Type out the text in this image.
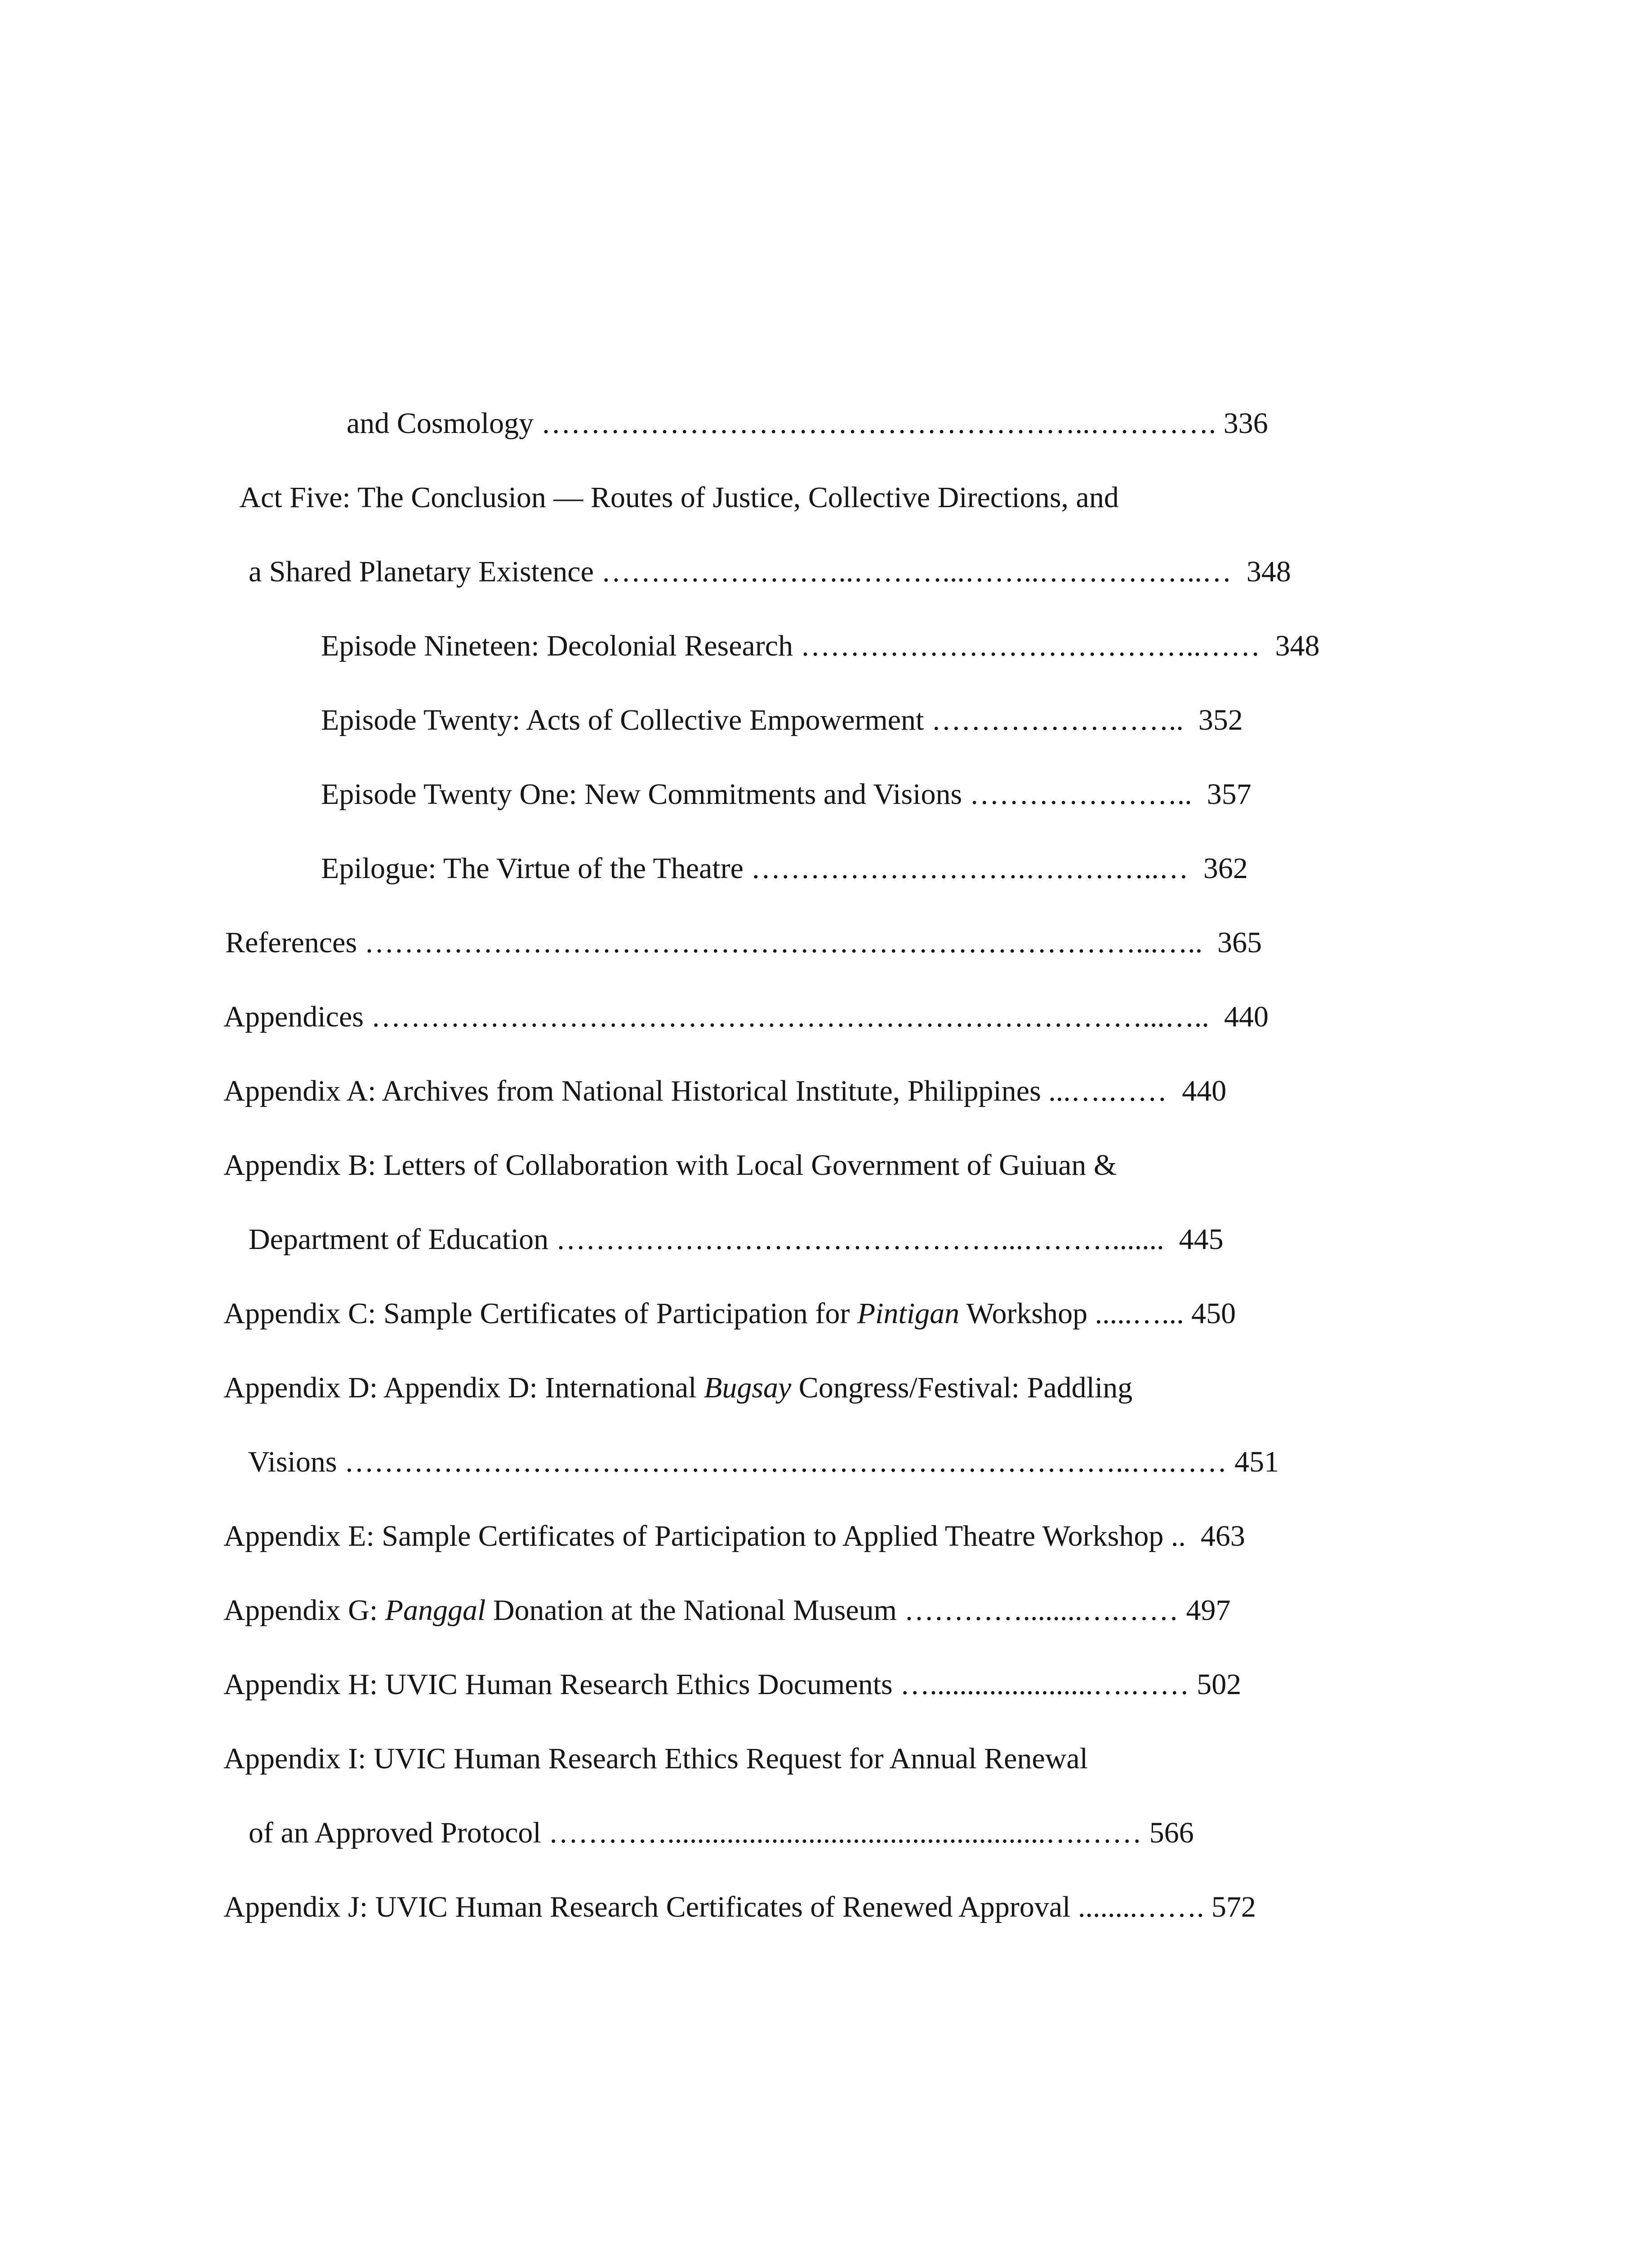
and Cosmology ………………………………………………..…………. 336

Act Five: The Conclusion — Routes of Justice, Collective Directions, and

a Shared Planetary Existence ……………………..………...……..……………..…  348

Episode Nineteen: Decolonial Research …………………………………..……  348

Episode Twenty: Acts of Collective Empowerment ……………………..  352

Episode Twenty One: New Commitments and Visions …………………..  357

Epilogue: The Virtue of the Theatre ……………………….…………..…  362

References ……………………………………………………………………...…..  365

Appendices ……………………………………………………………………...…..  440

Appendix A: Archives from National Historical Institute, Philippines ...….……  440

Appendix B: Letters of Collaboration with Local Government of Guiuan &

Department of Education ………………………………………...……….......  445

Appendix C: Sample Certificates of Participation for Pintigan Workshop .....…... 450

Appendix D: Appendix D: International Bugsay Congress/Festival: Paddling

Visions ……………………………………………………………………..….…… 451

Appendix E: Sample Certificates of Participation to Applied Theatre Workshop ..  463

Appendix G: Panggal Donation at the National Museum …………........….…… 497

Appendix H: UVIC Human Research Ethics Documents …......................….…… 502

Appendix I: UVIC Human Research Ethics Request for Annual Renewal

of an Approved Protocol …………...................................................….…… 566

Appendix J: UVIC Human Research Certificates of Renewed Approval ........……. 572
